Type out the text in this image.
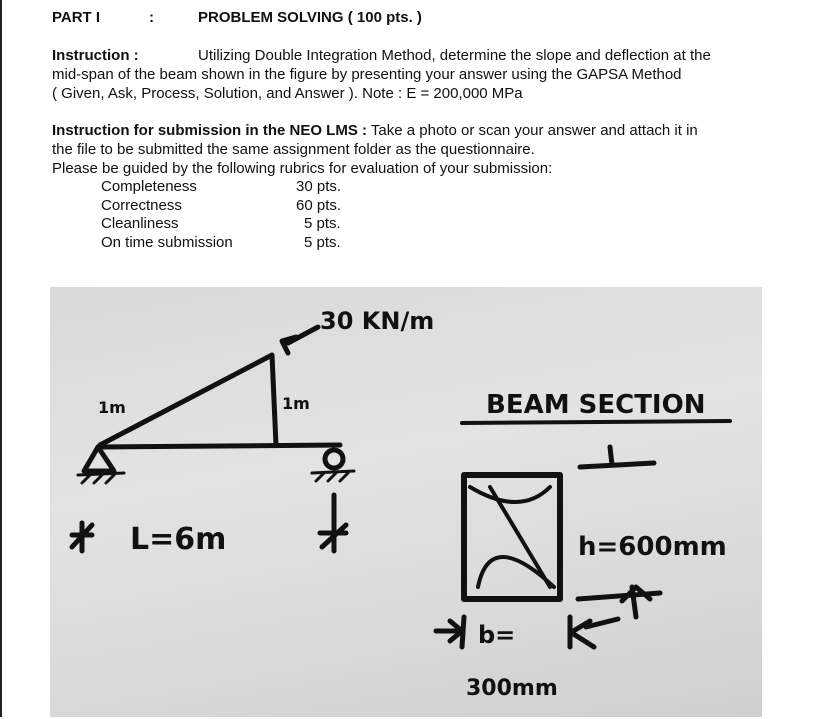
PART I	:	PROBLEM SOLVING ( 100 pts. )
Instruction :	Utilizing Double Integration Method, determine the slope and deflection at the
mid-span of the beam shown in the figure by presenting your answer using the GAPSA Method
( Given, Ask, Process, Solution, and Answer ). Note : E = 200,000 MPa
Instruction for submission in the NEO LMS : Take a photo or scan your answer and attach it in
the file to be submitted the same assignment folder as the questionnaire.
Please be guided by the following rubrics for evaluation of your submission:
Completeness	30 pts.
Correctness	60 pts.
Cleanliness	5 pts.
On time submission	5 pts.
30 KN/m
1m	1m
L=6m
BEAM SECTION
h=600mm
b=
300mm
